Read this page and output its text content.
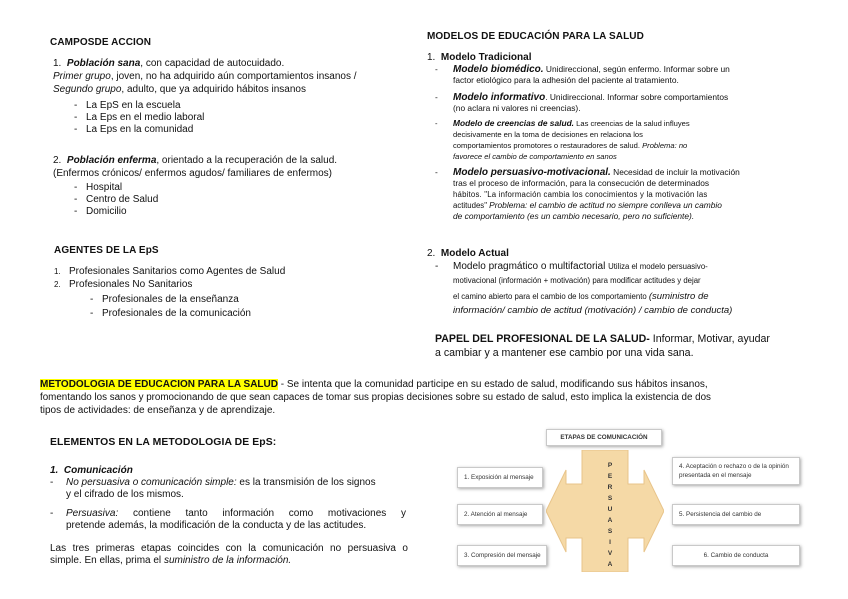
CAMPOSDE ACCION
1. Población sana, con capacidad de autocuidado.
Primer grupo, joven, no ha adquirido aún comportamientos insanos /
Segundo grupo, adulto, que ya adquirido hábitos insanos
- La EpS en la escuela
- La Eps en el medio laboral
- La Eps en la comunidad
2. Población enferma, orientado a la recuperación de la salud.
(Enfermos crónicos/ enfermos agudos/ familiares de enfermos)
- Hospital
- Centro de Salud
- Domicilio
AGENTES DE LA EpS
1. Profesionales Sanitarios como Agentes de Salud
2. Profesionales No Sanitarios
- Profesionales de la enseñanza
- Profesionales de la comunicación
MODELOS DE EDUCACIÓN PARA LA SALUD
1. Modelo Tradicional
- Modelo biomédico. Unidireccional, según enfermo. Informar sobre un
factor etiológico para la adhesión del paciente al tratamiento.
- Modelo informativo. Unidireccional. Informar sobre comportamientos
(no aclara ni valores ni creencias).
- Modelo de creencias de salud. Las creencias de la salud influyes
decisivamente en la toma de decisiones en relaciona los
comportamientos promotores o restauradores de salud. Problema: no
favorece el cambio de comportamiento en sanos
- Modelo persuasivo-motivacional. Necesidad de incluir la motivación
tras el proceso de información, para la consecución de determinados
hábitos. "La información cambia los conocimientos y la motivación las
actitudes" Problema: el cambio de actitud no siempre conlleva un cambio
de comportamiento (es un cambio necesario, pero no suficiente).
2. Modelo Actual
- Modelo pragmático o multifactorial Utiliza el modelo persuasivo-
motivacional (información + motivación) para modificar actitudes y dejar
el camino abierto para el cambio de los comportamiento (suministro de
información/ cambio de actitud (motivación) / cambio de conducta)
PAPEL DEL PROFESIONAL DE LA SALUD- Informar, Motivar, ayudar
a cambiar y a mantener ese cambio por una vida sana.
METODOLOGIA DE EDUCACION PARA LA SALUD - Se intenta que la comunidad participe en su estado de salud, modificando sus hábitos insanos,
fomentando los sanos y promocionando de que sean capaces de tomar sus propias decisiones sobre su estado de salud, esto implica la existencia de dos
tipos de actividades: de enseñanza y de aprendizaje.
ELEMENTOS EN LA METODOLOGIA DE EpS:
1. Comunicación
- No persuasiva o comunicación simple: es la transmisión de los signos
y el cifrado de los mismos.
- Persuasiva: contiene tanto información como motivaciones y
pretende además, la modificación de la conducta y de las actitudes.
Las tres primeras etapas coincides con la comunicación no persuasiva o
simple. En ellas, prima el suministro de la información.
ETAPAS DE COMUNICACIÓN
P
E
R
S
U
A
S
I
V
A
1. Exposición al mensaje
2. Atención al mensaje
3. Compresión del mensaje
4. Aceptación o rechazo o de la opinión presentada en el mensaje
5. Persistencia del cambio de
6. Cambio de conducta
